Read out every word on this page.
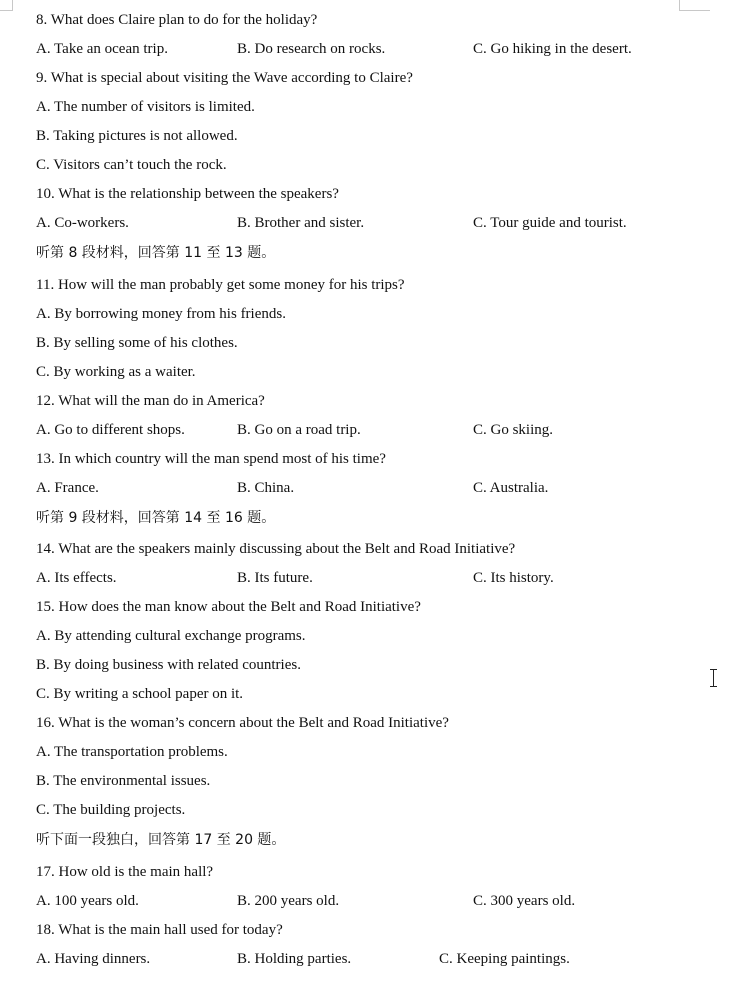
8. What does Claire plan to do for the holiday?
A. Take an ocean trip.	B. Do research on rocks.	C. Go hiking in the desert.
9. What is special about visiting the Wave according to Claire?
A. The number of visitors is limited.
B. Taking pictures is not allowed.
C. Visitors can’t touch the rock.
10. What is the relationship between the speakers?
A. Co-workers.	B. Brother and sister.	C. Tour guide and tourist.
听第 8 段材料，回答第 11 至 13 题。
11. How will the man probably get some money for his trips?
A. By borrowing money from his friends.
B. By selling some of his clothes.
C. By working as a waiter.
12. What will the man do in America?
A. Go to different shops.	B. Go on a road trip.	C. Go skiing.
13. In which country will the man spend most of his time?
A. France.	B. China.	C. Australia.
听第 9 段材料，回答第 14 至 16 题。
14. What are the speakers mainly discussing about the Belt and Road Initiative?
A. Its effects.	B. Its future.	C. Its history.
15. How does the man know about the Belt and Road Initiative?
A. By attending cultural exchange programs.
B. By doing business with related countries.
C. By writing a school paper on it.
16. What is the woman’s concern about the Belt and Road Initiative?
A. The transportation problems.
B. The environmental issues.
C. The building projects.
听下面一段独白，回答第 17 至 20 题。
17. How old is the main hall?
A. 100 years old.	B. 200 years old.	C. 300 years old.
18. What is the main hall used for today?
A. Having dinners.	B. Holding parties.	C. Keeping paintings.
